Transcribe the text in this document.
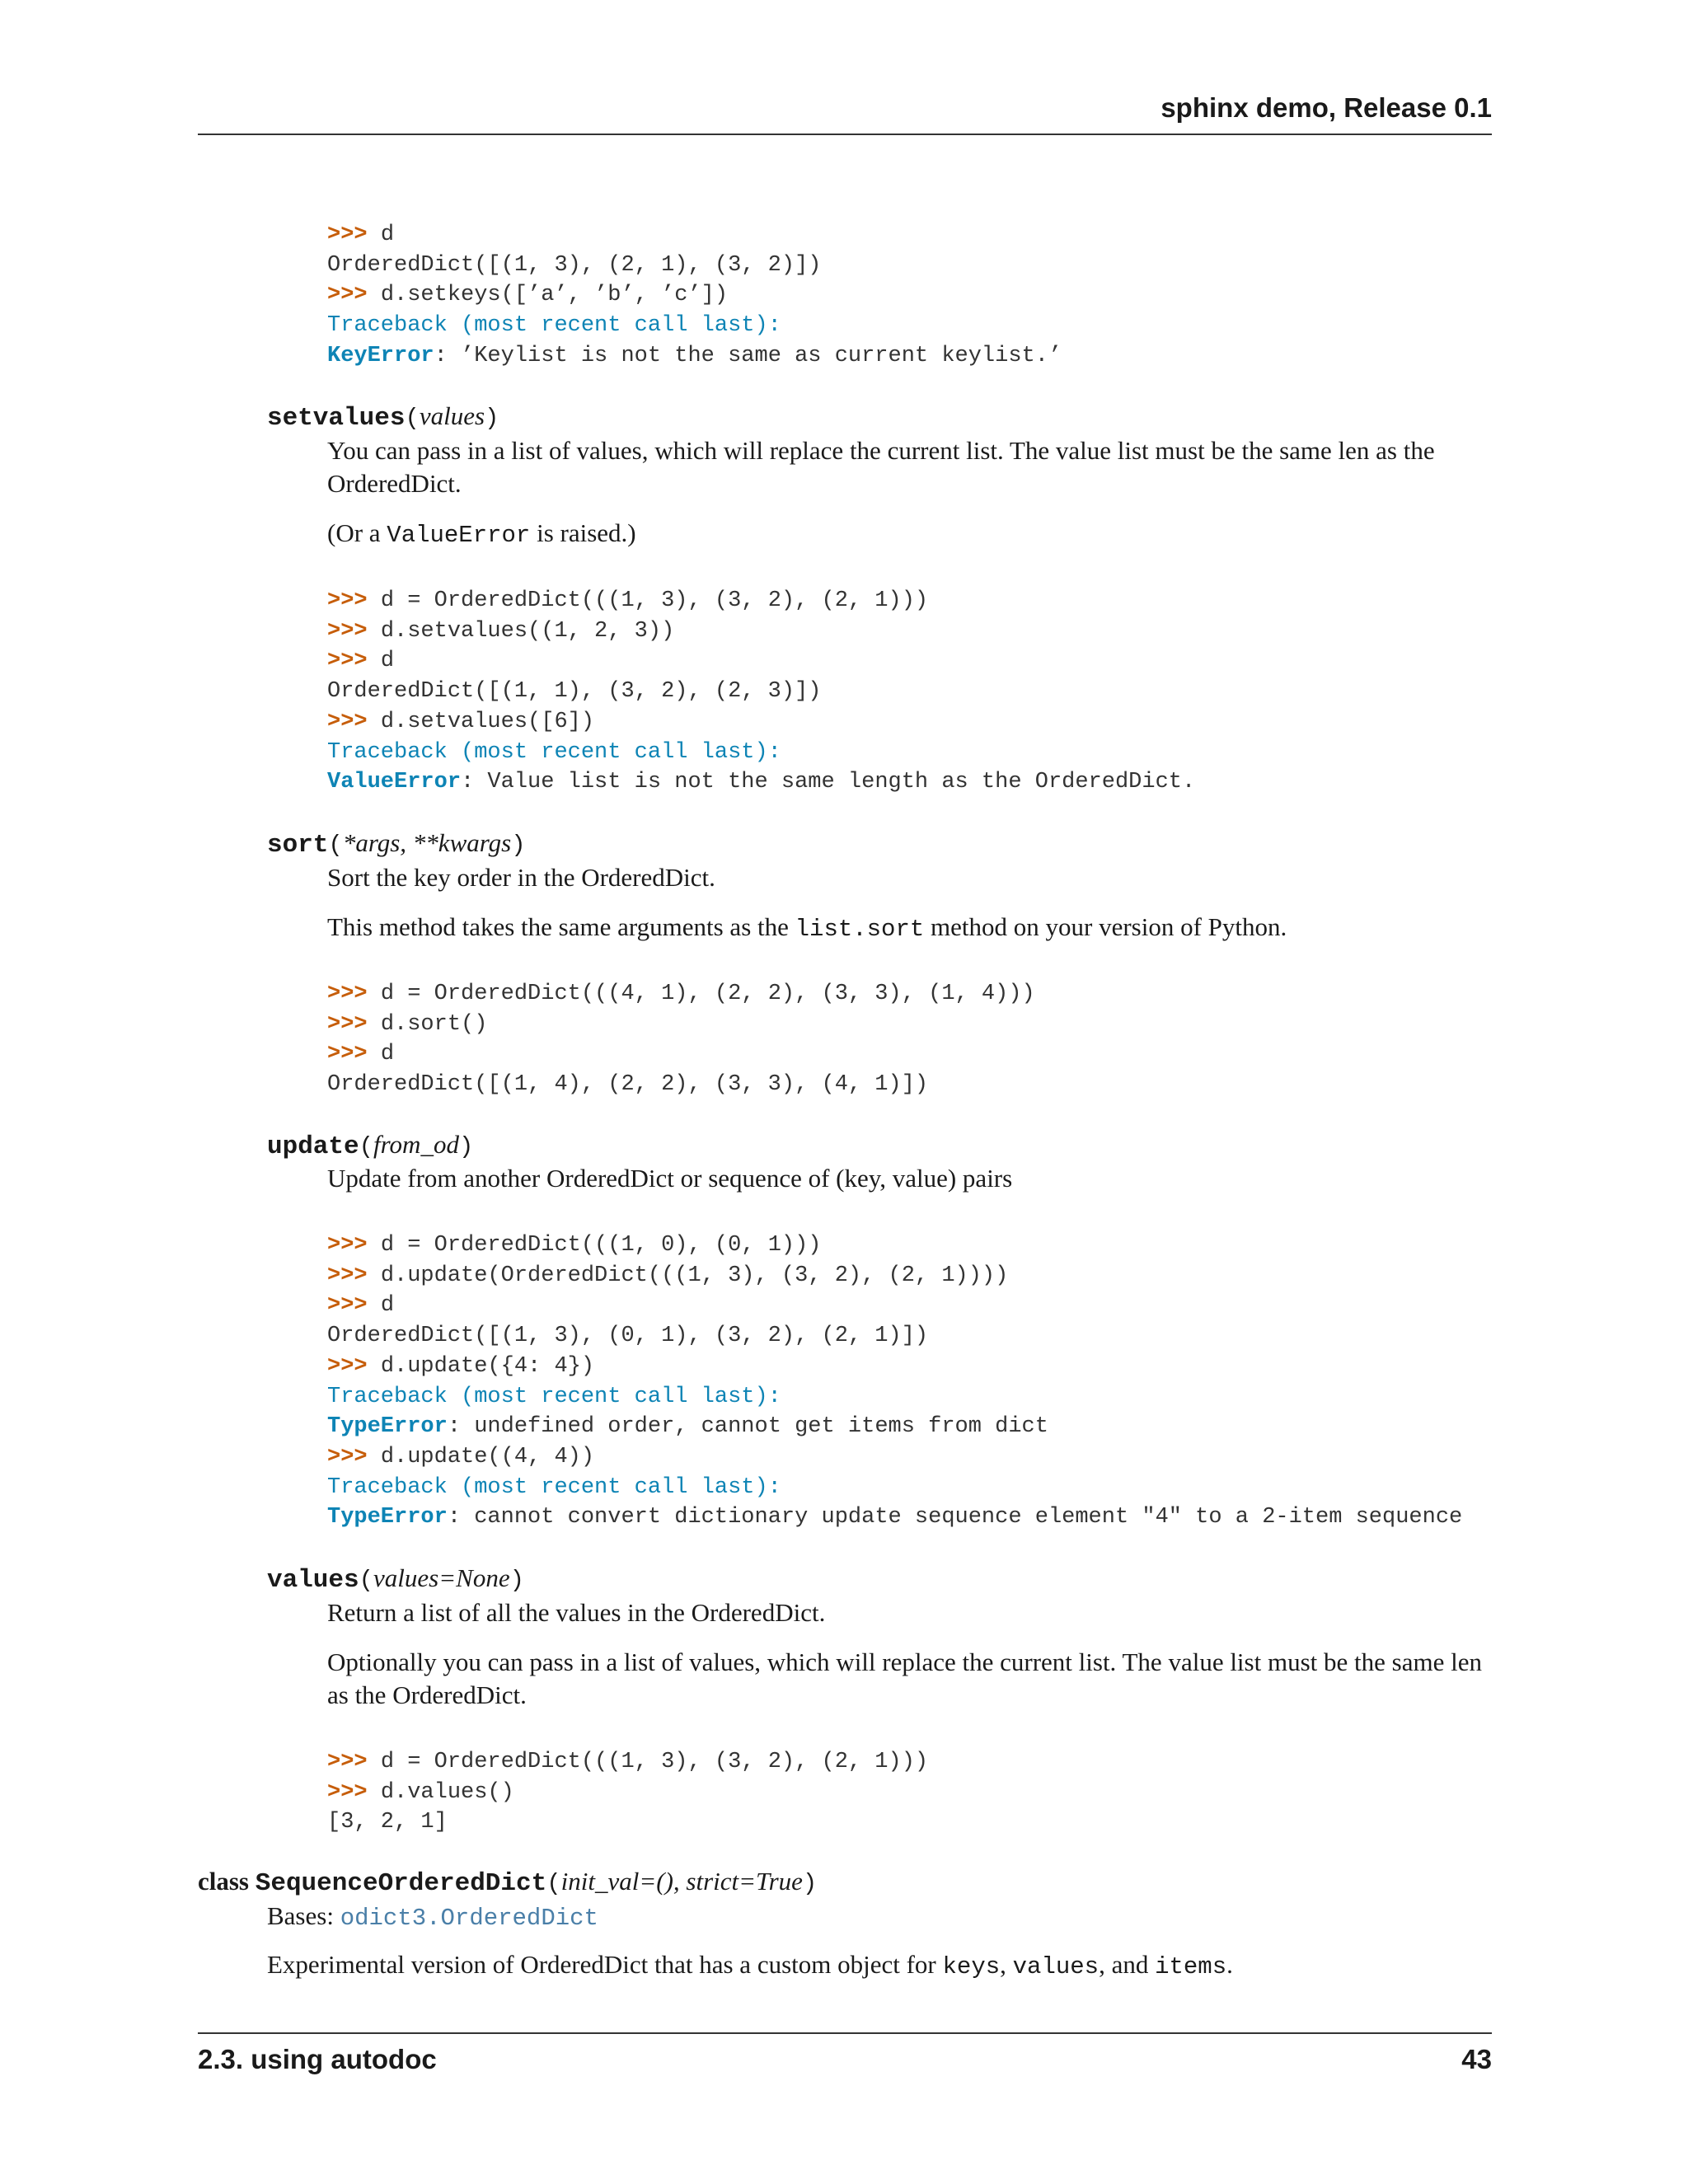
sphinx demo, Release 0.1
>>> d
OrderedDict([(1, 3), (2, 1), (3, 2)])
>>> d.setkeys([’a’, ’b’, ’c’])
Traceback (most recent call last):
KeyError: ’Keylist is not the same as current keylist.’
setvalues(values)
You can pass in a list of values, which will replace the current list. The value list must be the same len as the OrderedDict.
(Or a ValueError is raised.)
>>> d = OrderedDict(((1, 3), (3, 2), (2, 1)))
>>> d.setvalues((1, 2, 3))
>>> d
OrderedDict([(1, 1), (3, 2), (2, 3)])
>>> d.setvalues([6])
Traceback (most recent call last):
ValueError: Value list is not the same length as the OrderedDict.
sort(*args, **kwargs)
Sort the key order in the OrderedDict.
This method takes the same arguments as the list.sort method on your version of Python.
>>> d = OrderedDict(((4, 1), (2, 2), (3, 3), (1, 4)))
>>> d.sort()
>>> d
OrderedDict([(1, 4), (2, 2), (3, 3), (4, 1)])
update(from_od)
Update from another OrderedDict or sequence of (key, value) pairs
>>> d = OrderedDict(((1, 0), (0, 1)))
>>> d.update(OrderedDict(((1, 3), (3, 2), (2, 1))))
>>> d
OrderedDict([(1, 3), (0, 1), (3, 2), (2, 1)])
>>> d.update({4: 4})
Traceback (most recent call last):
TypeError: undefined order, cannot get items from dict
>>> d.update((4, 4))
Traceback (most recent call last):
TypeError: cannot convert dictionary update sequence element "4" to a 2-item sequence
values(values=None)
Return a list of all the values in the OrderedDict.
Optionally you can pass in a list of values, which will replace the current list. The value list must be the same len as the OrderedDict.
>>> d = OrderedDict(((1, 3), (3, 2), (2, 1)))
>>> d.values()
[3, 2, 1]
class SequenceOrderedDict(init_val=(), strict=True)
Bases: odict3.OrderedDict
Experimental version of OrderedDict that has a custom object for keys, values, and items.
2.3. using autodoc	43
